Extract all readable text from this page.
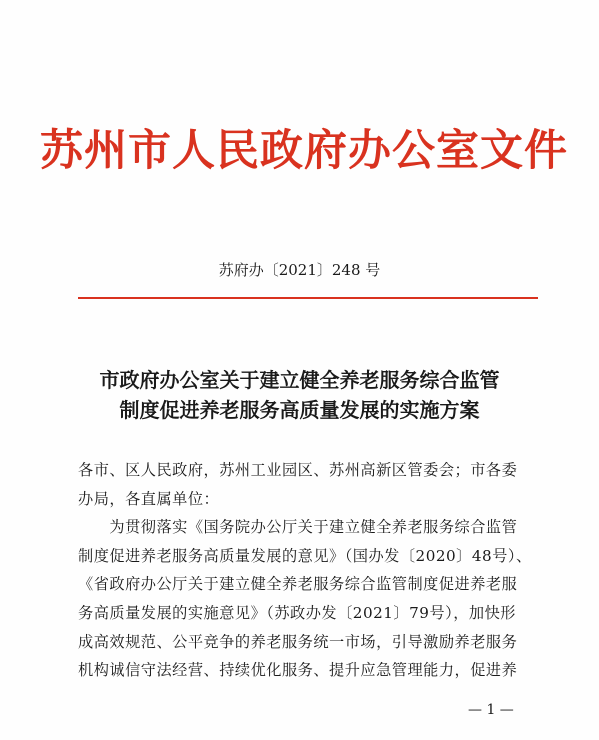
苏州市人民政府办公室文件
苏府办〔2021〕248 号
市政府办公室关于建立健全养老服务综合监管
制度促进养老服务高质量发展的实施方案
各市、区人民政府，苏州工业园区、苏州高新区管委会；市各委
办局，各直属单位：
　　为贯彻落实《国务院办公厅关于建立健全养老服务综合监管
制度促进养老服务高质量发展的意见》（国办发〔2020〕48号）、
《省政府办公厅关于建立健全养老服务综合监管制度促进养老服
务高质量发展的实施意见》（苏政办发〔2021〕79号），加快形
成高效规范、公平竞争的养老服务统一市场，引导激励养老服务
机构诚信守法经营、持续优化服务、提升应急管理能力，促进养
— 1 —
